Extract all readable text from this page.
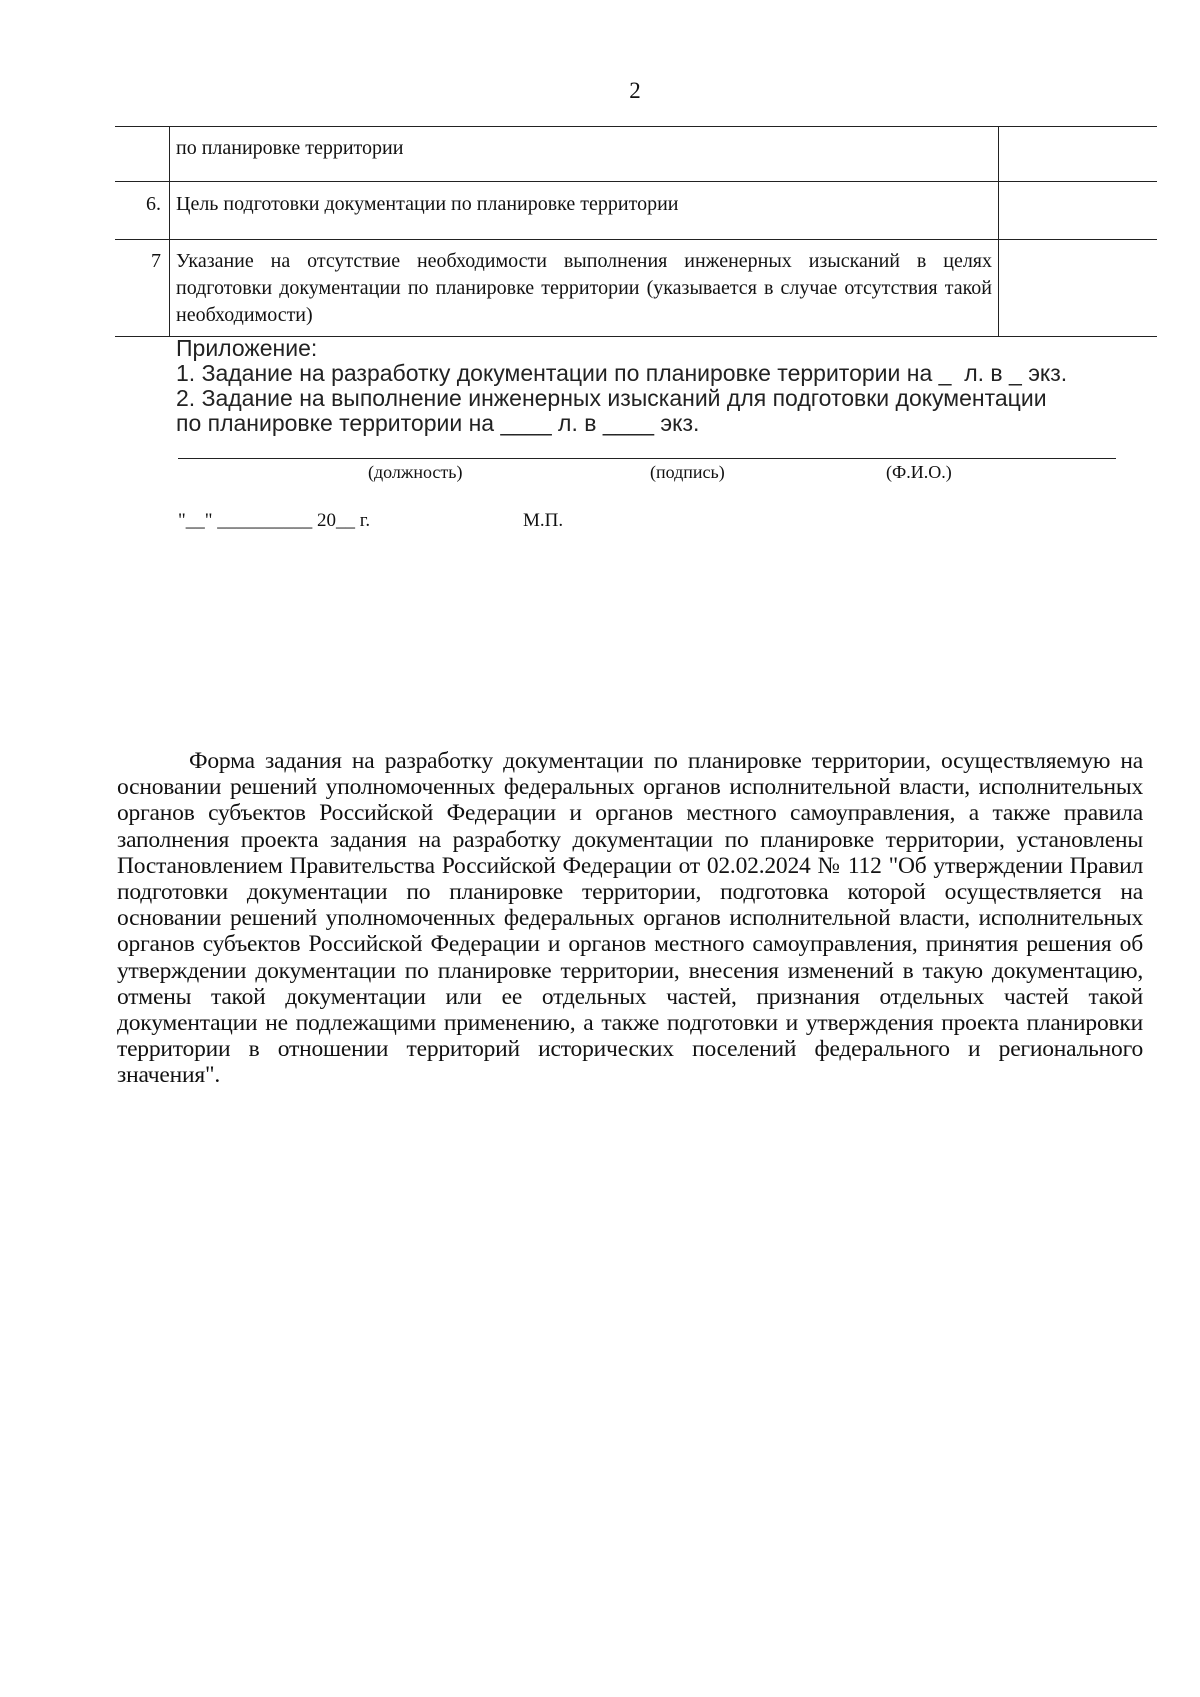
2
	по планировке территории	
6.	Цель подготовки документации по планировке территории	
7	Указание на отсутствие необходимости выполнения инженерных изысканий в целях подготовки документации по планировке территории (указывается в случае отсутствия такой необходимости)	
Приложение:
1. Задание на разработку документации по планировке территории на _  л. в _ экз.
2. Задание на выполнение инженерных изысканий для подготовки документации
по планировке территории на ____ л. в ____ экз.
(должность)	(подпись)	(Ф.И.О.)
"__" __________ 20__ г.	М.П.
Форма задания на разработку документации по планировке территории, осуществляемую на основании решений уполномоченных федеральных органов исполнительной власти, исполнительных органов субъектов Российской Федерации и органов местного самоуправления, а также правила заполнения проекта задания на разработку документации по планировке территории, установлены Постановлением Правительства Российской Федерации от 02.02.2024 № 112 "Об утверждении Правил подготовки документации по планировке территории, подготовка которой осуществляется на основании решений уполномоченных федеральных органов исполнительной власти, исполнительных органов субъектов Российской Федерации и органов местного самоуправления, принятия решения об утверждении документации по планировке территории, внесения изменений в такую документацию, отмены такой документации или ее отдельных частей, признания отдельных частей такой документации не подлежащими применению, а также подготовки и утверждения проекта планировки территории в отношении территорий исторических поселений федерального и регионального значения".
